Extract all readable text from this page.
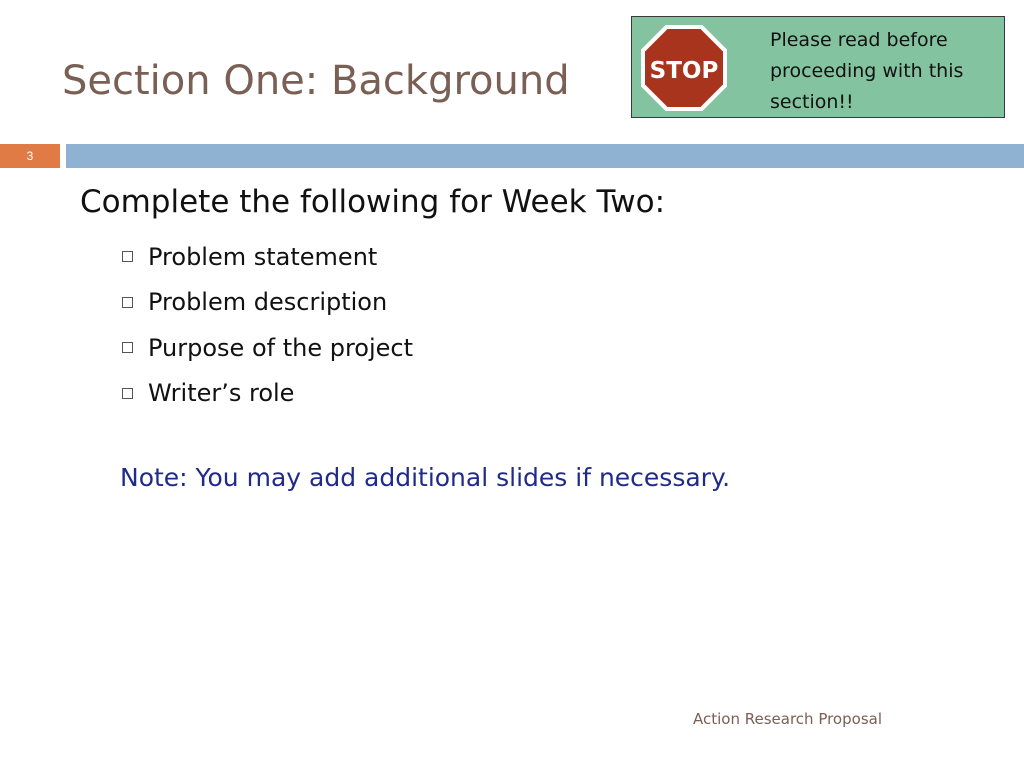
Section One: Background	STOP
Please read before proceeding with this section!!
3
Complete the following for Week Two:
Problem statement
Problem description
Purpose of the project
Writer’s role
Note: You may add additional slides if necessary.
Action Research Proposal
